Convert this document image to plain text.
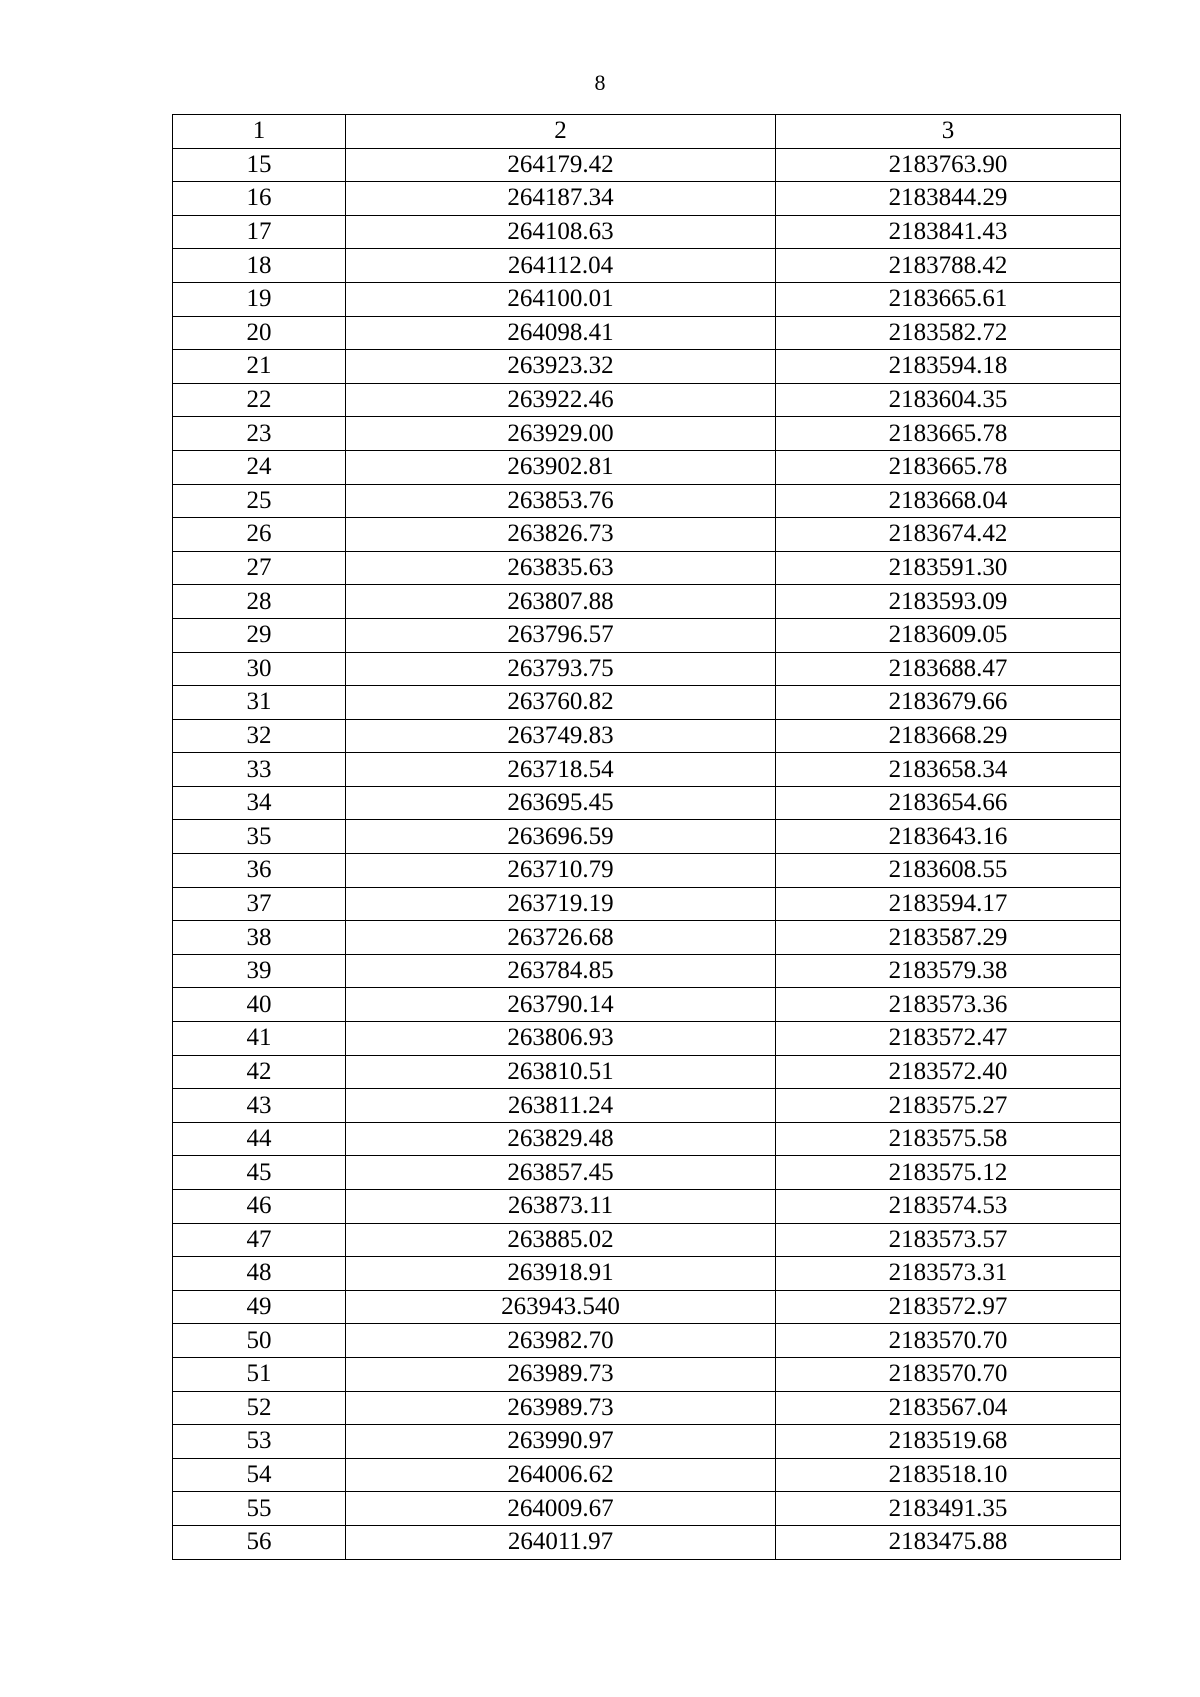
8
1	2	3
15	264179.42	2183763.90
16	264187.34	2183844.29
17	264108.63	2183841.43
18	264112.04	2183788.42
19	264100.01	2183665.61
20	264098.41	2183582.72
21	263923.32	2183594.18
22	263922.46	2183604.35
23	263929.00	2183665.78
24	263902.81	2183665.78
25	263853.76	2183668.04
26	263826.73	2183674.42
27	263835.63	2183591.30
28	263807.88	2183593.09
29	263796.57	2183609.05
30	263793.75	2183688.47
31	263760.82	2183679.66
32	263749.83	2183668.29
33	263718.54	2183658.34
34	263695.45	2183654.66
35	263696.59	2183643.16
36	263710.79	2183608.55
37	263719.19	2183594.17
38	263726.68	2183587.29
39	263784.85	2183579.38
40	263790.14	2183573.36
41	263806.93	2183572.47
42	263810.51	2183572.40
43	263811.24	2183575.27
44	263829.48	2183575.58
45	263857.45	2183575.12
46	263873.11	2183574.53
47	263885.02	2183573.57
48	263918.91	2183573.31
49	263943.540	2183572.97
50	263982.70	2183570.70
51	263989.73	2183570.70
52	263989.73	2183567.04
53	263990.97	2183519.68
54	264006.62	2183518.10
55	264009.67	2183491.35
56	264011.97	2183475.88
